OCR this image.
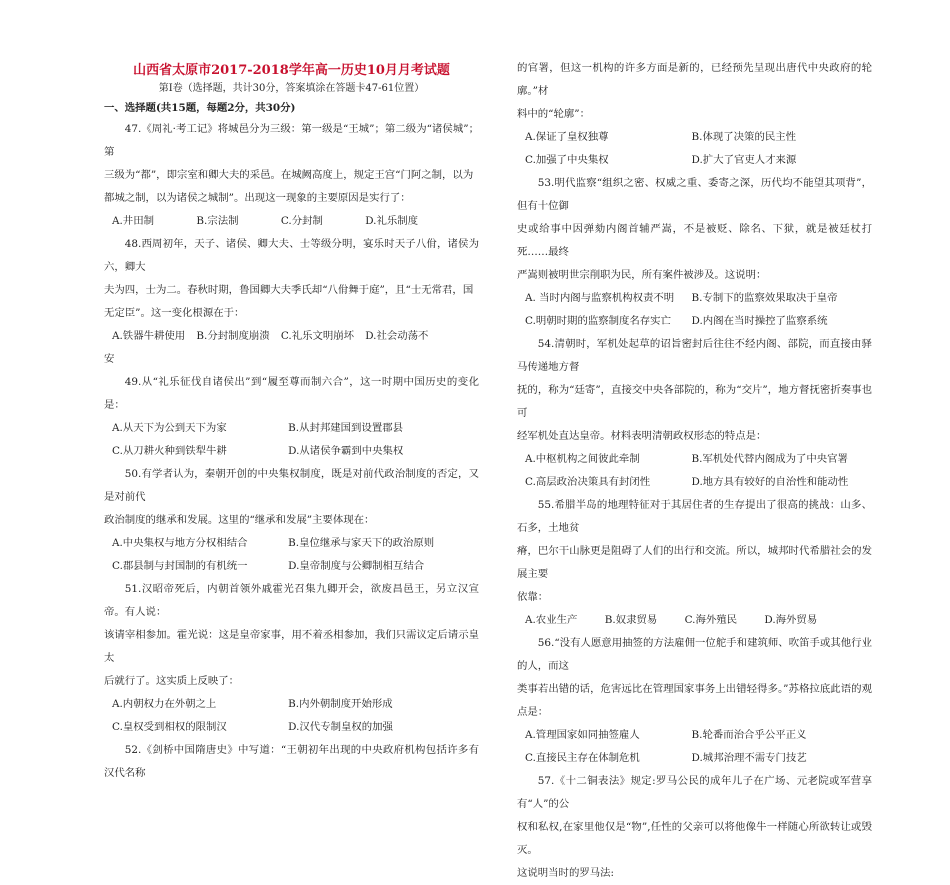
山西省太原市2017-2018学年高一历史10月月考试题
第Ⅰ卷（选择题，共计30分，答案填涂在答题卡47-61位置）
一、选择题(共15题，每题2分，共30分)
47.《周礼·考工记》将城邑分为三级：第一级是“王城”；第二级为“诸侯城”；第
三级为“都”，即宗室和卿大夫的采邑。在城阙高度上，规定王宫“门阿之制，以为
都城之制，以为诸侯之城制”。出现这一现象的主要原因是实行了：
A.井田制	B.宗法制	C.分封制	D.礼乐制度
48.西周初年，天子、诸侯、卿大夫、士等级分明，宴乐时天子八佾，诸侯为六，卿大
夫为四，士为二。春秋时期，鲁国卿大夫季氏却“八佾舞于庭”，且“士无常君，国
无定臣”。这一变化根源在于：
A.铁器牛耕使用 B.分封制度崩溃 C.礼乐文明崩坏 D.社会动荡不
安
49.从“礼乐征伐自诸侯出”到“履至尊而制六合”，这一时期中国历史的变化是：
A.从天下为公到天下为家	B.从封邦建国到设置郡县
C.从刀耕火种到铁犁牛耕	D.从诸侯争霸到中央集权
50.有学者认为，秦朝开创的中央集权制度，既是对前代政治制度的否定，又是对前代
政治制度的继承和发展。这里的“继承和发展”主要体现在：
A.中央集权与地方分权相结合	B.皇位继承与家天下的政治原则
C.郡县制与封国制的有机统一	D.皇帝制度与公卿制相互结合
51.汉昭帝死后，内朝首领外戚霍光召集九卿开会，欲废昌邑王，另立汉宣帝。有人说：
该请宰相参加。霍光说：这是皇帝家事，用不着丞相参加，我们只需议定后请示皇太
后就行了。这实质上反映了：
A.内朝权力在外朝之上	B.内外朝制度开始形成
C.皇权受到相权的限制汉	D.汉代专制皇权的加强
52.《剑桥中国隋唐史》中写道：“王朝初年出现的中央政府机构包括许多有汉代名称
的官署，但这一机构的许多方面是新的，已经预先呈现出唐代中央政府的轮廓。”材
料中的“轮廓”：
A.保证了皇权独尊	B.体现了决策的民主性
C.加强了中央集权	D.扩大了官吏人才来源
53.明代监察“组织之密、权威之重、委寄之深，历代均不能望其项背”，但有十位御
史或给事中因弹劾内阁首辅严嵩，不是被贬、除名、下狱，就是被廷杖打死……最终
严嵩则被明世宗削职为民，所有案件被涉及。这说明：
A. 当时内阁与监察机构权责不明 B.专制下的监察效果取决于皇帝
C.明朝时期的监察制度名存实亡 D.内阁在当时操控了监察系统
54.清朝时，军机处起草的诏旨密封后往往不经内阁、部院，而直接由驿马传递地方督
抚的，称为“廷寄”，直接交中央各部院的，称为“交片”，地方督抚密折奏事也可
经军机处直达皇帝。材料表明清朝政权形态的特点是：
A.中枢机构之间彼此牵制	B.军机处代替内阁成为了中央官署
C.高层政治决策具有封闭性	D.地方具有较好的自治性和能动性
55.希腊半岛的地理特征对于其居住者的生存提出了很高的挑战：山多、石多，土地贫
瘠，巴尔干山脉更是阻碍了人们的出行和交流。所以，城邦时代希腊社会的发展主要
依靠：
A.农业生产	B.奴隶贸易	C.海外殖民	D.海外贸易
56.“没有人愿意用抽签的方法雇佣一位舵手和建筑师、吹笛手或其他行业的人，而这
类事若出错的话，危害远比在管理国家事务上出错轻得多。”苏格拉底此语的观点是：
A.管理国家如同抽签雇人	B.轮番而治合乎公平正义
C.直接民主存在体制危机	D.城邦治理不需专门技艺
57.《十二铜表法》规定:罗马公民的成年儿子在广场、元老院或军营享有“人”的公
权和私权,在家里他仅是“物”,任性的父亲可以将他像牛一样随心所欲转让或毁灭。
这说明当时的罗马法:
